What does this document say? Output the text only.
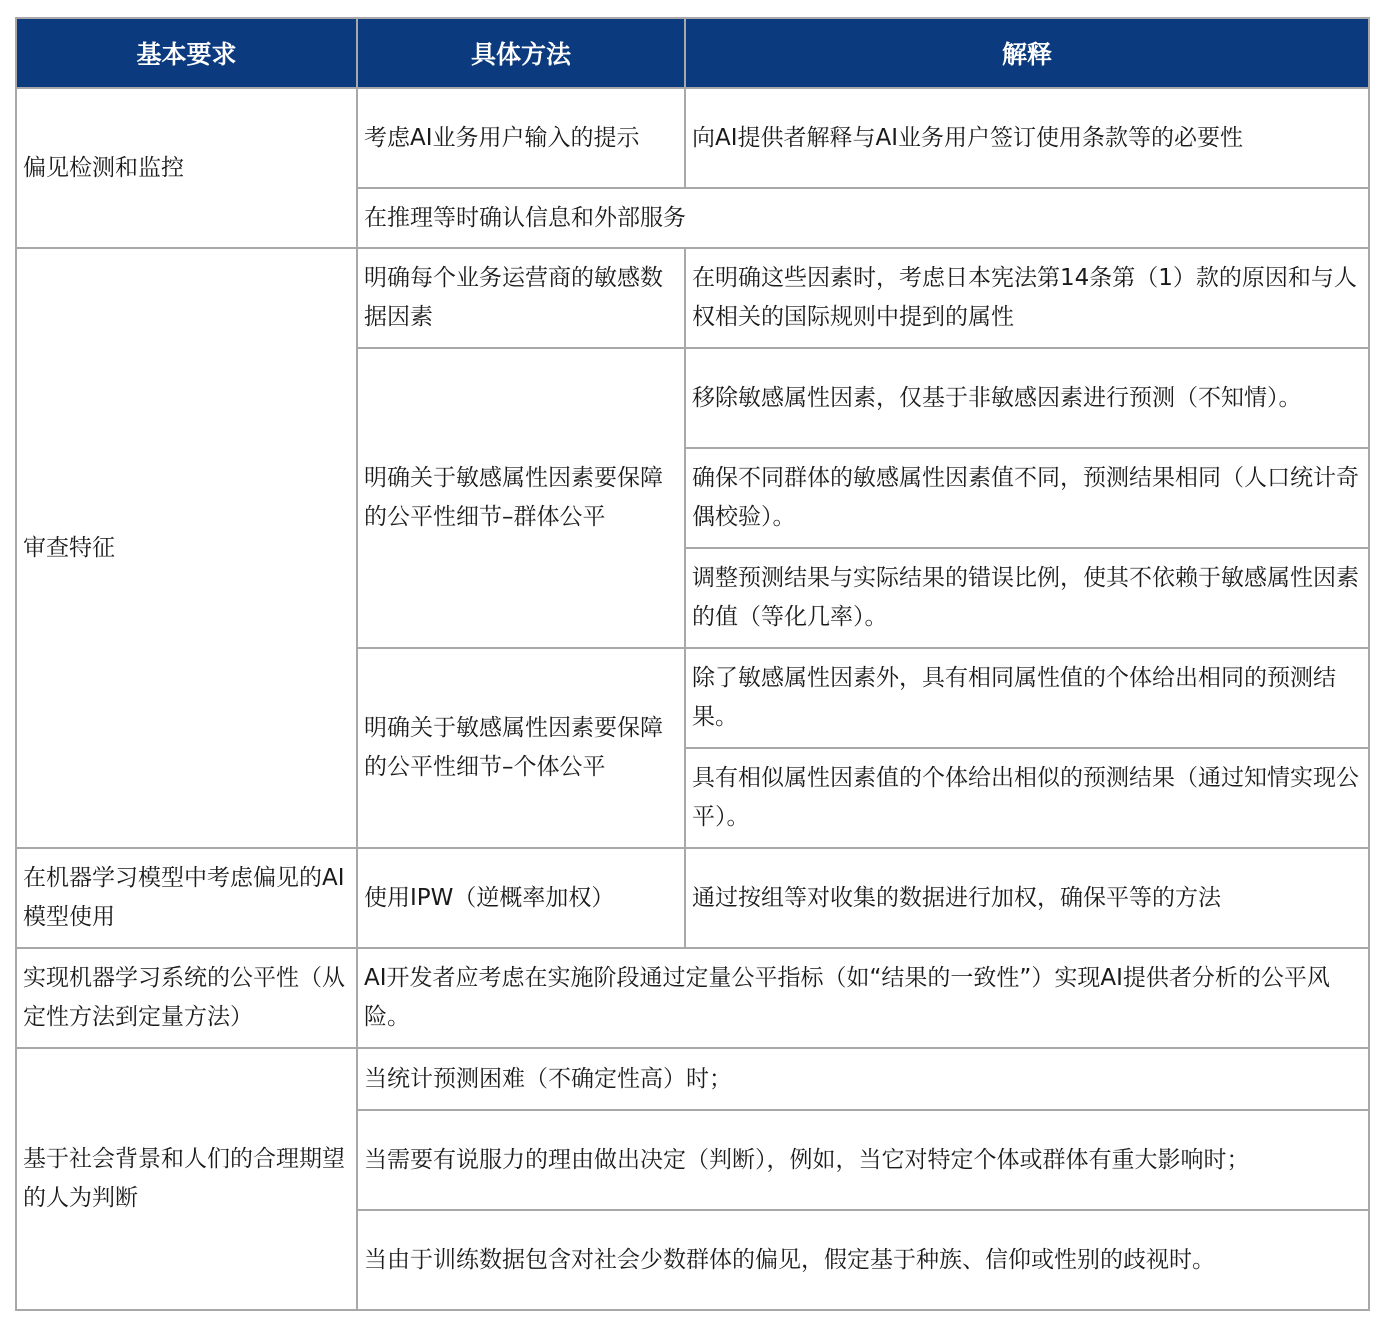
基本要求	具体方法	解释
偏见检测和监控	考虑AI业务用户输入的提示	向AI提供者解释与AI业务用户签订使用条款等的必要性
	在推理等时确认信息和外部服务	
审查特征	明确每个业务运营商的敏感数据因素	在明确这些因素时，考虑日本宪法第14条第（1）款的原因和与人权相关的国际规则中提到的属性
	明确关于敏感属性因素要保障的公平性细节–群体公平	移除敏感属性因素，仅基于非敏感因素进行预测（不知情）。
		确保不同群体的敏感属性因素值不同，预测结果相同（人口统计奇偶校验）。
		调整预测结果与实际结果的错误比例，使其不依赖于敏感属性因素的值（等化几率）。
	明确关于敏感属性因素要保障的公平性细节–个体公平	除了敏感属性因素外，具有相同属性值的个体给出相同的预测结果。
		具有相似属性因素值的个体给出相似的预测结果（通过知情实现公平）。
在机器学习模型中考虑偏见的AI模型使用	使用IPW（逆概率加权）	通过按组等对收集的数据进行加权，确保平等的方法
实现机器学习系统的公平性（从定性方法到定量方法）	AI开发者应考虑在实施阶段通过定量公平指标（如“结果的一致性”）实现AI提供者分析的公平风险。	
基于社会背景和人们的合理期望的人为判断	当统计预测困难（不确定性高）时；	
	当需要有说服力的理由做出决定（判断），例如，当它对特定个体或群体有重大影响时；	
	当由于训练数据包含对社会少数群体的偏见，假定基于种族、信仰或性别的歧视时。	
